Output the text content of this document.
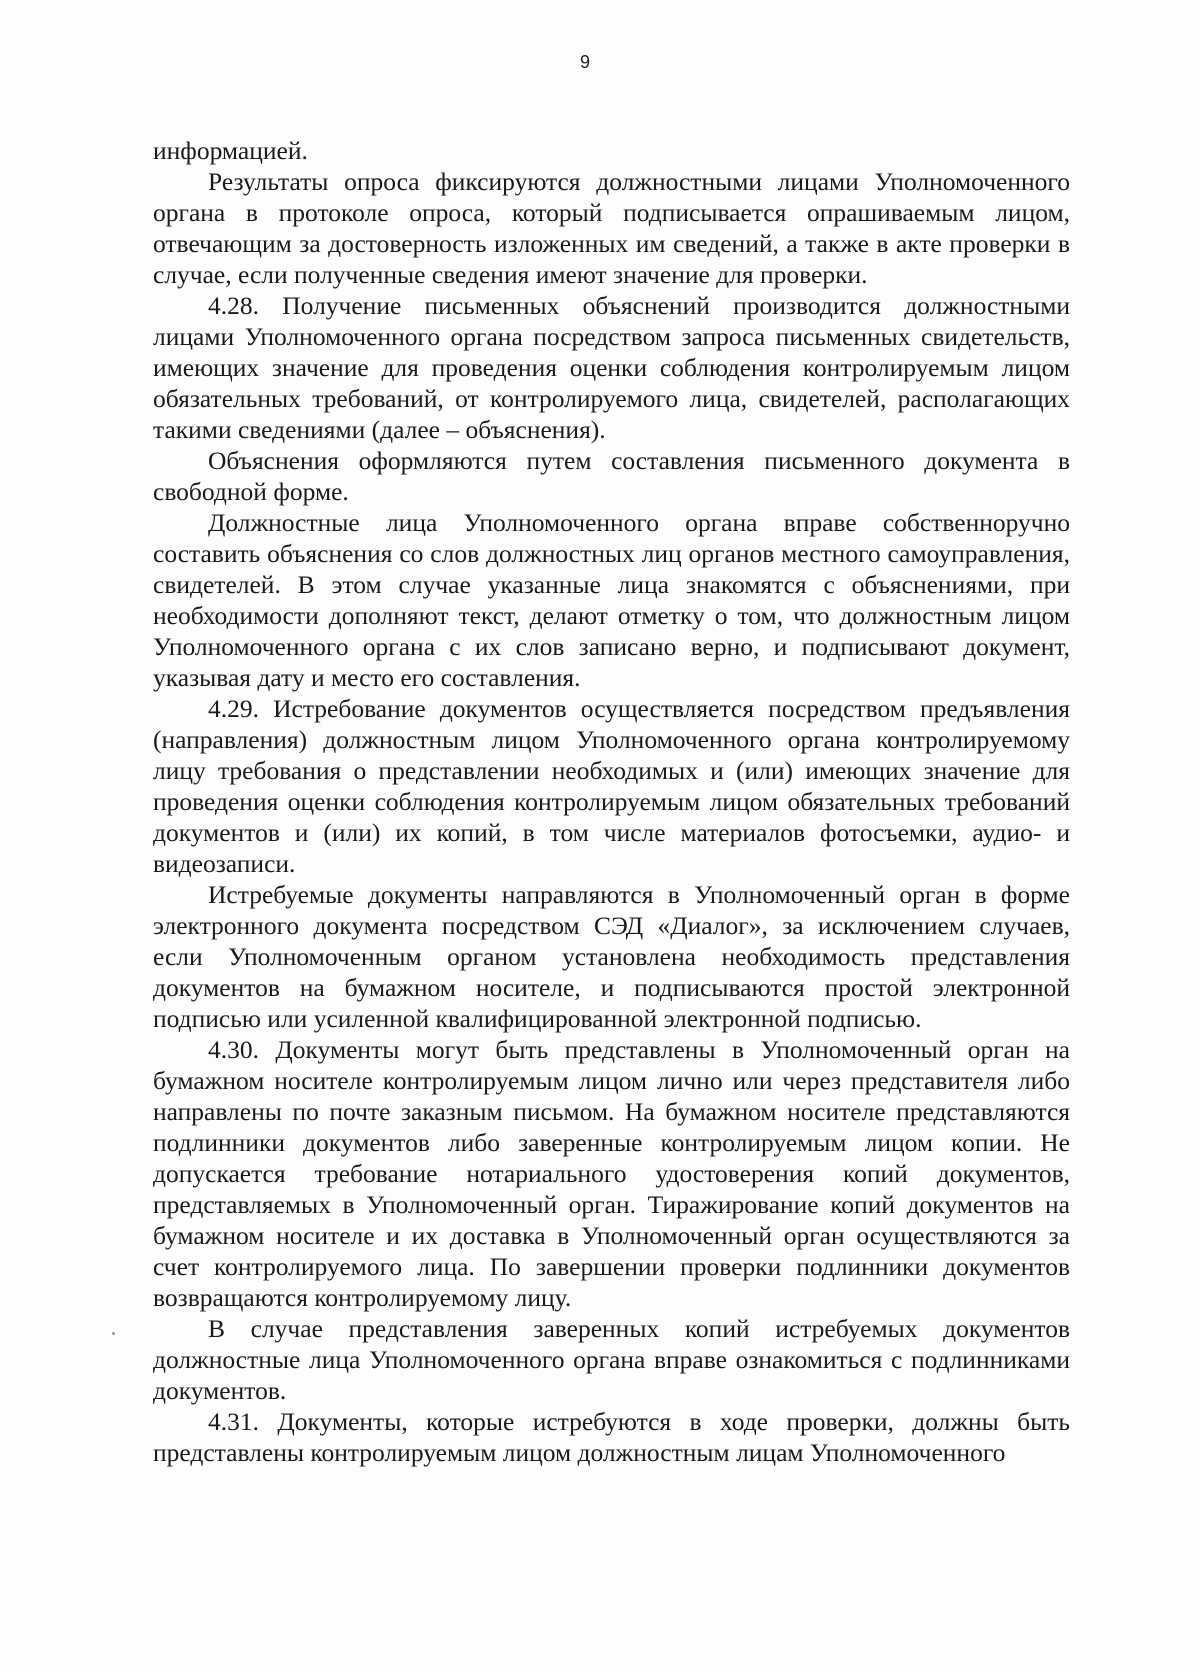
9

информацией.

Результаты опроса фиксируются должностными лицами Уполномоченного органа в протоколе опроса, который подписывается опрашиваемым лицом, отвечающим за достоверность изложенных им сведений, а также в акте проверки в случае, если полученные сведения имеют значение для проверки.

4.28. Получение письменных объяснений производится должностными лицами Уполномоченного органа посредством запроса письменных свидетельств, имеющих значение для проведения оценки соблюдения контролируемым лицом обязательных требований, от контролируемого лица, свидетелей, располагающих такими сведениями (далее – объяснения).

Объяснения оформляются путем составления письменного документа в свободной форме.

Должностные лица Уполномоченного органа вправе собственноручно составить объяснения со слов должностных лиц органов местного самоуправления, свидетелей. В этом случае указанные лица знакомятся с объяснениями, при необходимости дополняют текст, делают отметку о том, что должностным лицом Уполномоченного органа с их слов записано верно, и подписывают документ, указывая дату и место его составления.

4.29. Истребование документов осуществляется посредством предъявления (направления) должностным лицом Уполномоченного органа контролируемому лицу требования о представлении необходимых и (или) имеющих значение для проведения оценки соблюдения контролируемым лицом обязательных требований документов и (или) их копий, в том числе материалов фотосъемки, аудио- и видеозаписи.

Истребуемые документы направляются в Уполномоченный орган в форме электронного документа посредством СЭД «Диалог», за исключением случаев, если Уполномоченным органом установлена необходимость представления документов на бумажном носителе, и подписываются простой электронной подписью или усиленной квалифицированной электронной подписью.

4.30. Документы могут быть представлены в Уполномоченный орган на бумажном носителе контролируемым лицом лично или через представителя либо направлены по почте заказным письмом. На бумажном носителе представляются подлинники документов либо заверенные контролируемым лицом копии. Не допускается требование нотариального удостоверения копий документов, представляемых в Уполномоченный орган. Тиражирование копий документов на бумажном носителе и их доставка в Уполномоченный орган осуществляются за счет контролируемого лица. По завершении проверки подлинники документов возвращаются контролируемому лицу.

В случае представления заверенных копий истребуемых документов должностные лица Уполномоченного органа вправе ознакомиться с подлинниками документов.

4.31. Документы, которые истребуются в ходе проверки, должны быть представлены контролируемым лицом должностным лицам Уполномоченного
